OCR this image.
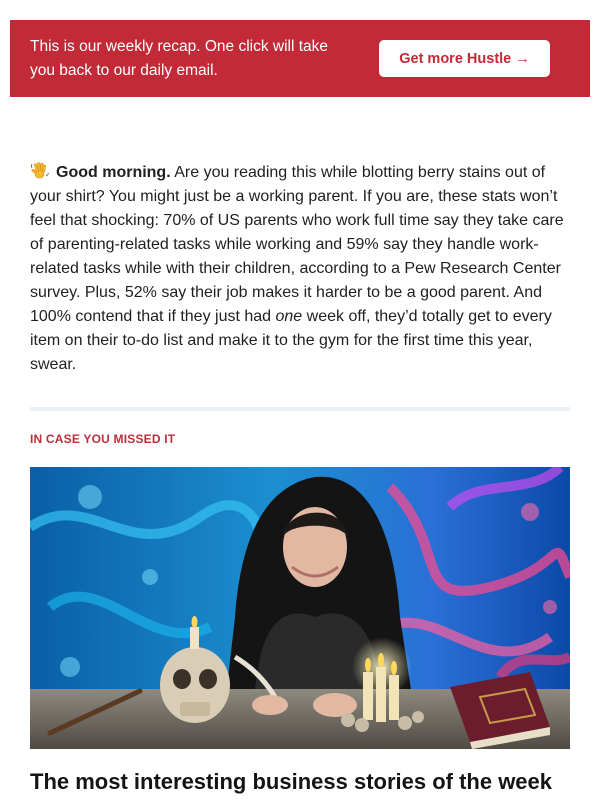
This is our weekly recap. One click will take you back to our daily email.
Get more Hustle →
Good morning. Are you reading this while blotting berry stains out of your shirt? You might just be a working parent. If you are, these stats won’t feel that shocking: 70% of US parents who work full time say they take care of parenting-related tasks while working and 59% say they handle work-related tasks while with their children, according to a Pew Research Center survey. Plus, 52% say their job makes it harder to be a good parent. And 100% contend that if they just had one week off, they’d totally get to every item on their to-do list and make it to the gym for the first time this year, swear.
IN CASE YOU MISSED IT
The most interesting business stories of the week
